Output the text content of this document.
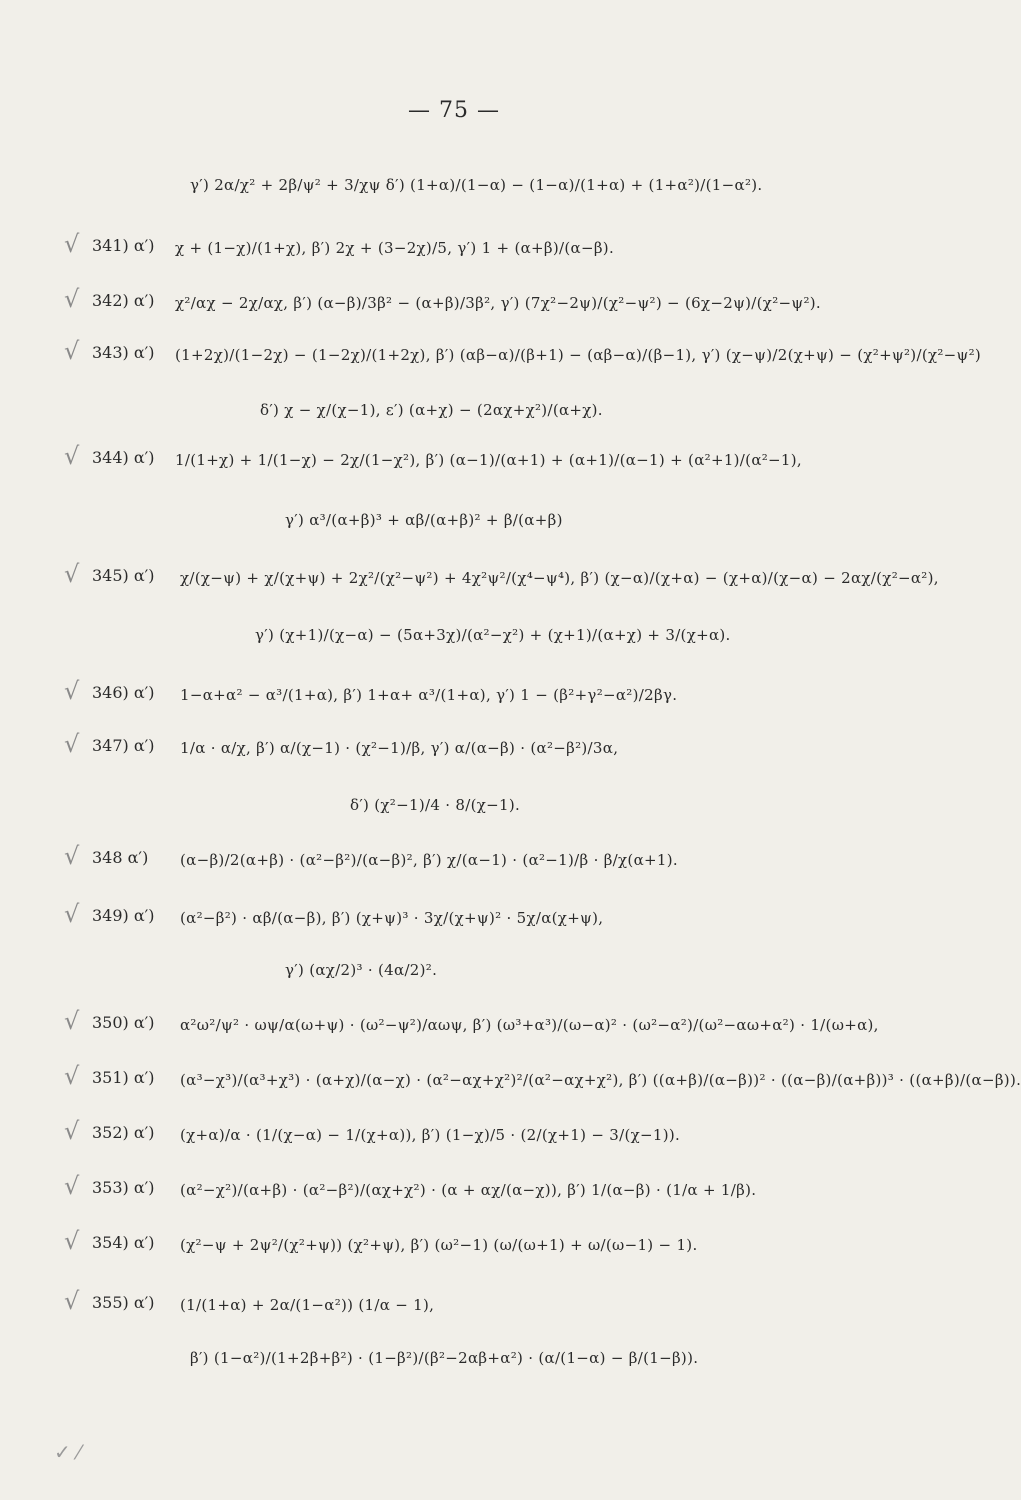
— 75 —
γ′) 2α/χ² + 2β/ψ² + 3/χψ δ′) (1+α)/(1−α) − (1−α)/(1+α) + (1+α²)/(1−α²).
√ 341) α′) χ + (1−χ)/(1+χ), β′) 2χ + (3−2χ)/5, γ′) 1 + (α+β)/(α−β).
√ 342) α′) χ²/αχ − 2χ/αχ, β′) (α−β)/3β² − (α+β)/3β², γ′) (7χ²−2ψ)/(χ²−ψ²) − (6χ−2ψ)/(χ²−ψ²).
√ 343) α′) (1+2χ)/(1−2χ) − (1−2χ)/(1+2χ), β′) (αβ−α)/(β+1) − (αβ−α)/(β−1), γ′) (χ−ψ)/2(χ+ψ) − (χ²+ψ²)/(χ²−ψ²)
δ′) χ − χ/(χ−1), ε′) (α+χ) − (2αχ+χ²)/(α+χ).
√ 344) α′) 1/(1+χ) + 1/(1−χ) − 2χ/(1−χ²), β′) (α−1)/(α+1) + (α+1)/(α−1) + (α²+1)/(α²−1),
γ′) α³/(α+β)³ + αβ/(α+β)² + β/(α+β)
√ 345) α′) χ/(χ−ψ) + χ/(χ+ψ) + 2χ²/(χ²−ψ²) + 4χ²ψ²/(χ⁴−ψ⁴), β′) (χ−α)/(χ+α) − (χ+α)/(χ−α) − 2αχ/(χ²−α²),
γ′) (χ+1)/(χ−α) − (5α+3χ)/(α²−χ²) + (χ+1)/(α+χ) + 3/(χ+α).
√ 346) α′) 1−α+α² − α³/(1+α), β′) 1+α+ α³/(1+α), γ′) 1 − (β²+γ²−α²)/2βγ.
√ 347) α′) 1/α · α/χ, β′) α/(χ−1) · (χ²−1)/β, γ′) α/(α−β) · (α²−β²)/3α,
δ′) (χ²−1)/4 · 8/(χ−1).
√ 348 α′) (α−β)/2(α+β) · (α²−β²)/(α−β)², β′) χ/(α−1) · (α²−1)/β · β/χ(α+1).
√ 349) α′) (α²−β²) · αβ/(α−β), β′) (χ+ψ)³ · 3χ/(χ+ψ)² · 5χ/α(χ+ψ),
γ′) (αχ/2)³ · (4α/2)².
√ 350) α′) α²ω²/ψ² · ωψ/α(ω+ψ) · (ω²−ψ²)/αωψ, β′) (ω³+α³)/(ω−α)² · (ω²−α²)/(ω²−αω+α²) · 1/(ω+α),
√ 351) α′) (α³−χ³)/(α³+χ³) · (α+χ)/(α−χ) · (α²−αχ+χ²)²/(α²−αχ+χ²), β′) ((α+β)/(α−β))² · ((α−β)/(α+β))³ · ((α+β)/(α−β)).
√ 352) α′) (χ+α)/α · (1/(χ−α) − 1/(χ+α)), β′) (1−χ)/5 · (2/(χ+1) − 3/(χ−1)).
√ 353) α′) (α²−χ²)/(α+β) · (α²−β²)/(αχ+χ²) · (α + αχ/(α−χ)), β′) 1/(α−β) · (1/α + 1/β).
√ 354) α′) (χ²−ψ + 2ψ²/(χ²+ψ)) (χ²+ψ), β′) (ω²−1) (ω/(ω+1) + ω/(ω−1) − 1).
√ 355) α′) (1/(1+α) + 2α/(1−α²)) (1/α − 1),
β′) (1−α²)/(1+2β+β²) · (1−β²)/(β²−2αβ+α²) · (α/(1−α) − β/(1−β)).
✓ ⁄
